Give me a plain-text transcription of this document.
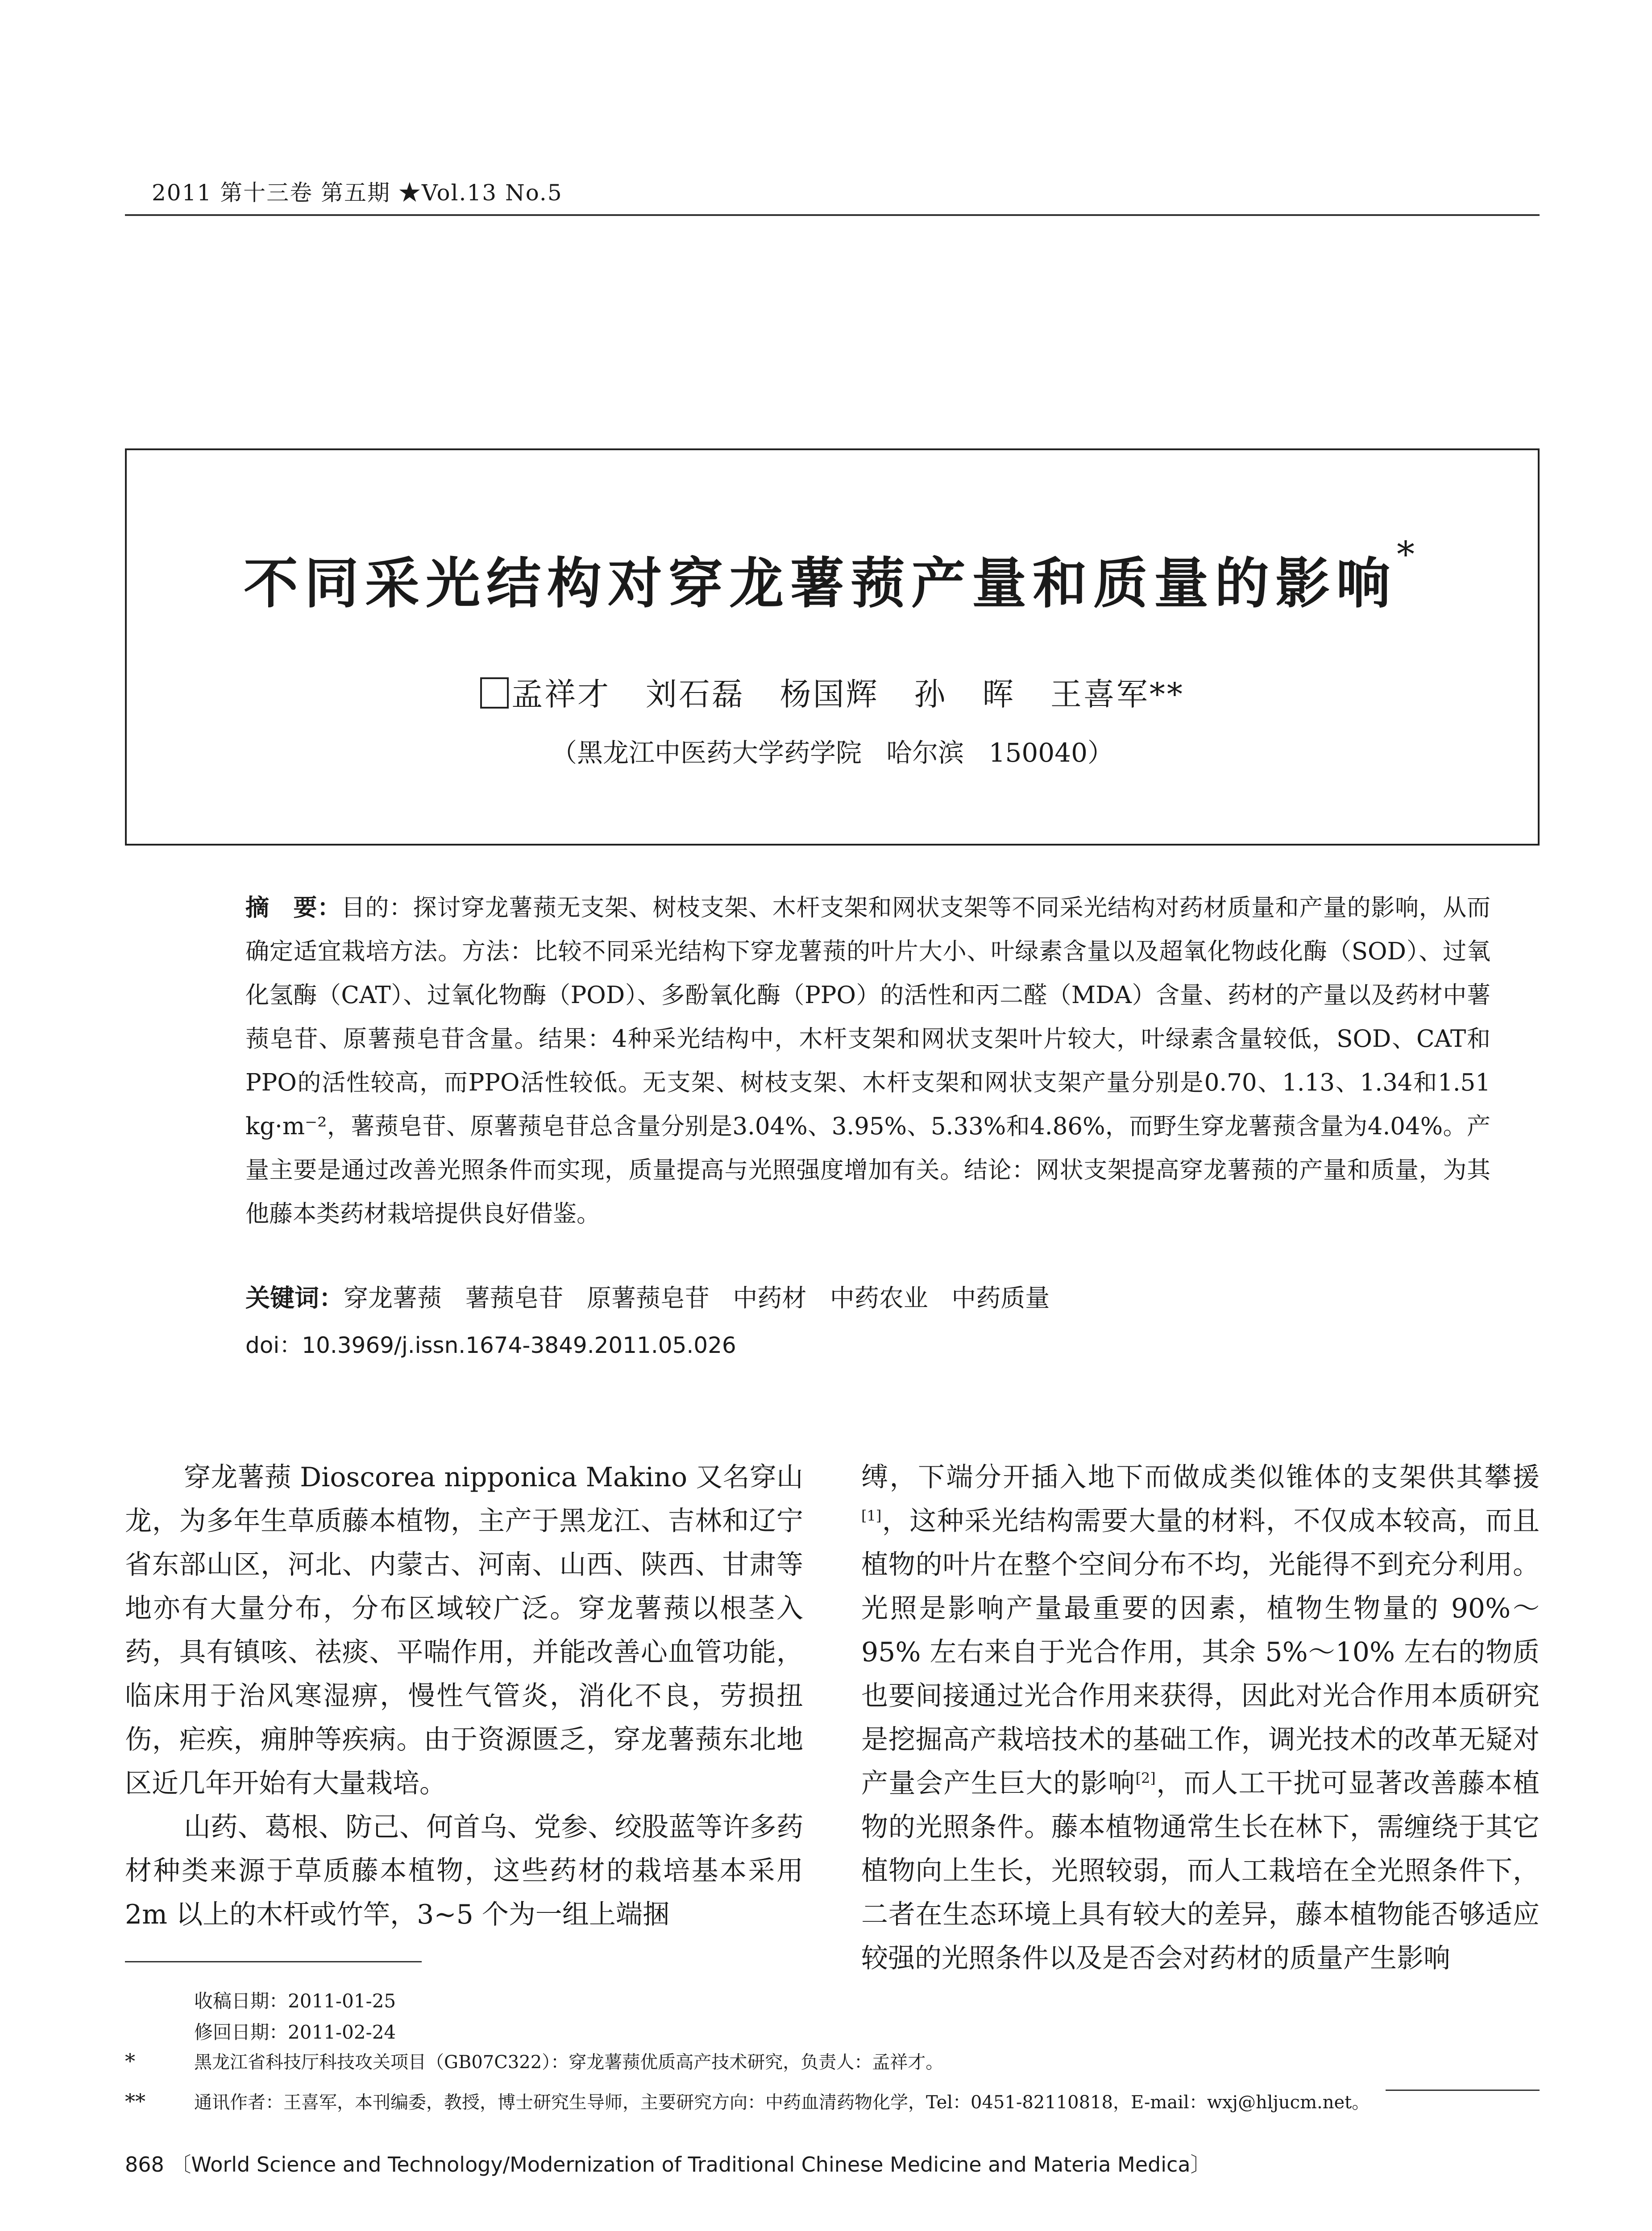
2011 第十三卷 第五期 ★Vol.13 No.5
不同采光结构对穿龙薯蓣产量和质量的影响*
孟祥才   刘石磊   杨国辉   孙   晖   王喜军**
（黑龙江中医药大学药学院   哈尔滨   150040）
摘　要：目的：探讨穿龙薯蓣无支架、树枝支架、木杆支架和网状支架等不同采光结构对药材质量和产量的影响，从而确定适宜栽培方法。方法：比较不同采光结构下穿龙薯蓣的叶片大小、叶绿素含量以及超氧化物歧化酶（SOD）、过氧化氢酶（CAT）、过氧化物酶（POD）、多酚氧化酶（PPO）的活性和丙二醛（MDA）含量、药材的产量以及药材中薯蓣皂苷、原薯蓣皂苷含量。结果：4种采光结构中，木杆支架和网状支架叶片较大，叶绿素含量较低，SOD、CAT和PPO的活性较高，而PPO活性较低。无支架、树枝支架、木杆支架和网状支架产量分别是0.70、1.13、1.34和1.51 kg·m⁻²，薯蓣皂苷、原薯蓣皂苷总含量分别是3.04%、3.95%、5.33%和4.86%，而野生穿龙薯蓣含量为4.04%。产量主要是通过改善光照条件而实现，质量提高与光照强度增加有关。结论：网状支架提高穿龙薯蓣的产量和质量，为其他藤本类药材栽培提供良好借鉴。
关键词：穿龙薯蓣   薯蓣皂苷   原薯蓣皂苷   中药材   中药农业   中药质量
doi：10.3969/j.issn.1674-3849.2011.05.026

穿龙薯蓣 Dioscorea nipponica Makino 又名穿山龙，为多年生草质藤本植物，主产于黑龙江、吉林和辽宁省东部山区，河北、内蒙古、河南、山西、陕西、甘肃等地亦有大量分布，分布区域较广泛。穿龙薯蓣以根茎入药，具有镇咳、祛痰、平喘作用，并能改善心血管功能，临床用于治风寒湿痹，慢性气管炎，消化不良，劳损扭伤，疟疾，痈肿等疾病。由于资源匮乏，穿龙薯蓣东北地区近几年开始有大量栽培。

山药、葛根、防己、何首乌、党参、绞股蓝等许多药材种类来源于草质藤本植物，这些药材的栽培基本采用 2m 以上的木杆或竹竿，3~5 个为一组上端捆

缚，下端分开插入地下而做成类似锥体的支架供其攀援[1]，这种采光结构需要大量的材料，不仅成本较高，而且植物的叶片在整个空间分布不均，光能得不到充分利用。光照是影响产量最重要的因素，植物生物量的 90%～95% 左右来自于光合作用，其余 5%～10% 左右的物质也要间接通过光合作用来获得，因此对光合作用本质研究是挖掘高产栽培技术的基础工作，调光技术的改革无疑对产量会产生巨大的影响[2]，而人工干扰可显著改善藤本植物的光照条件。藤本植物通常生长在林下，需缠绕于其它植物向上生长，光照较弱，而人工栽培在全光照条件下，二者在生态环境上具有较大的差异，藤本植物能否够适应较强的光照条件以及是否会对药材的质量产生影响

收稿日期：2011-01-25
修回日期：2011-02-24
*	黑龙江省科技厅科技攻关项目（GB07C322）：穿龙薯蓣优质高产技术研究，负责人：孟祥才。
**	通讯作者：王喜军，本刊编委，教授，博士研究生导师，主要研究方向：中药血清药物化学，Tel：0451-82110818，E-mail：wxj@hljucm.net。
868 〔World Science and Technology/Modernization of Traditional Chinese Medicine and Materia Medica〕
